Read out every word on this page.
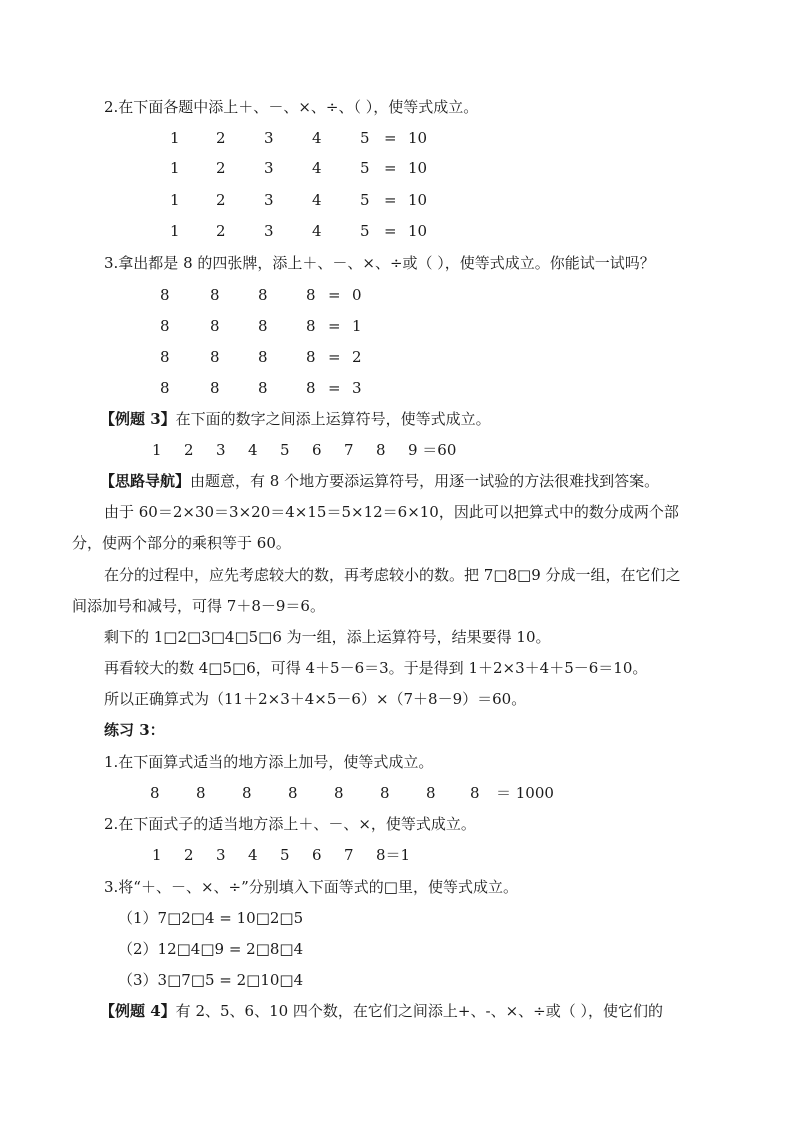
2.在下面各题中添上＋、－、×、÷、（ ），使等式成立。
1 2	3	4	5 = 10
1 2	3	4	5 = 10
1 2	3	4	5 = 10
1 2	3	4	5 = 10
3.拿出都是 8 的四张牌，添上＋、－、×、÷或（ ），使等式成立。你能试一试吗？
8	8	8	8 = 0
8	8	8	8 = 1
8	8	8	8 = 2
8	8	8	8 = 3
【例题 3】在下面的数字之间添上运算符号，使等式成立。
1 2 3 4 5 6 7 8 9 ＝60
【思路导航】由题意，有 8 个地方要添运算符号，用逐一试验的方法很难找到答案。
由于 60＝2×30＝3×20＝4×15＝5×12＝6×10，因此可以把算式中的数分成两个部
分，使两个部分的乘积等于 60。
在分的过程中，应先考虑较大的数，再考虑较小的数。把 7□8□9 分成一组，在它们之
间添加号和减号，可得 7＋8－9＝6。
剩下的 1□2□3□4□5□6 为一组，添上运算符号，结果要得 10。
再看较大的数 4□5□6，可得 4＋5－6＝3。于是得到 1＋2×3＋4＋5－6＝10。
所以正确算式为（11＋2×3＋4×5－6）×（7＋8－9）＝60。
练习 3：
1.在下面算式适当的地方添上加号，使等式成立。
8 8 8 8 8 8 8 8 ＝ 1000
2.在下面式子的适当地方添上＋、－、×，使等式成立。
1 2 3 4 5 6 7 8＝1
3.将“＋、－、×、÷”分别填入下面等式的□里，使等式成立。
（1）7□2□4 = 10□2□5
（2）12□4□9 = 2□8□4
（3）3□7□5 = 2□10□4
【例题 4】有 2、5、6、10 四个数，在它们之间添上+、-、×、÷或（ ），使它们的
